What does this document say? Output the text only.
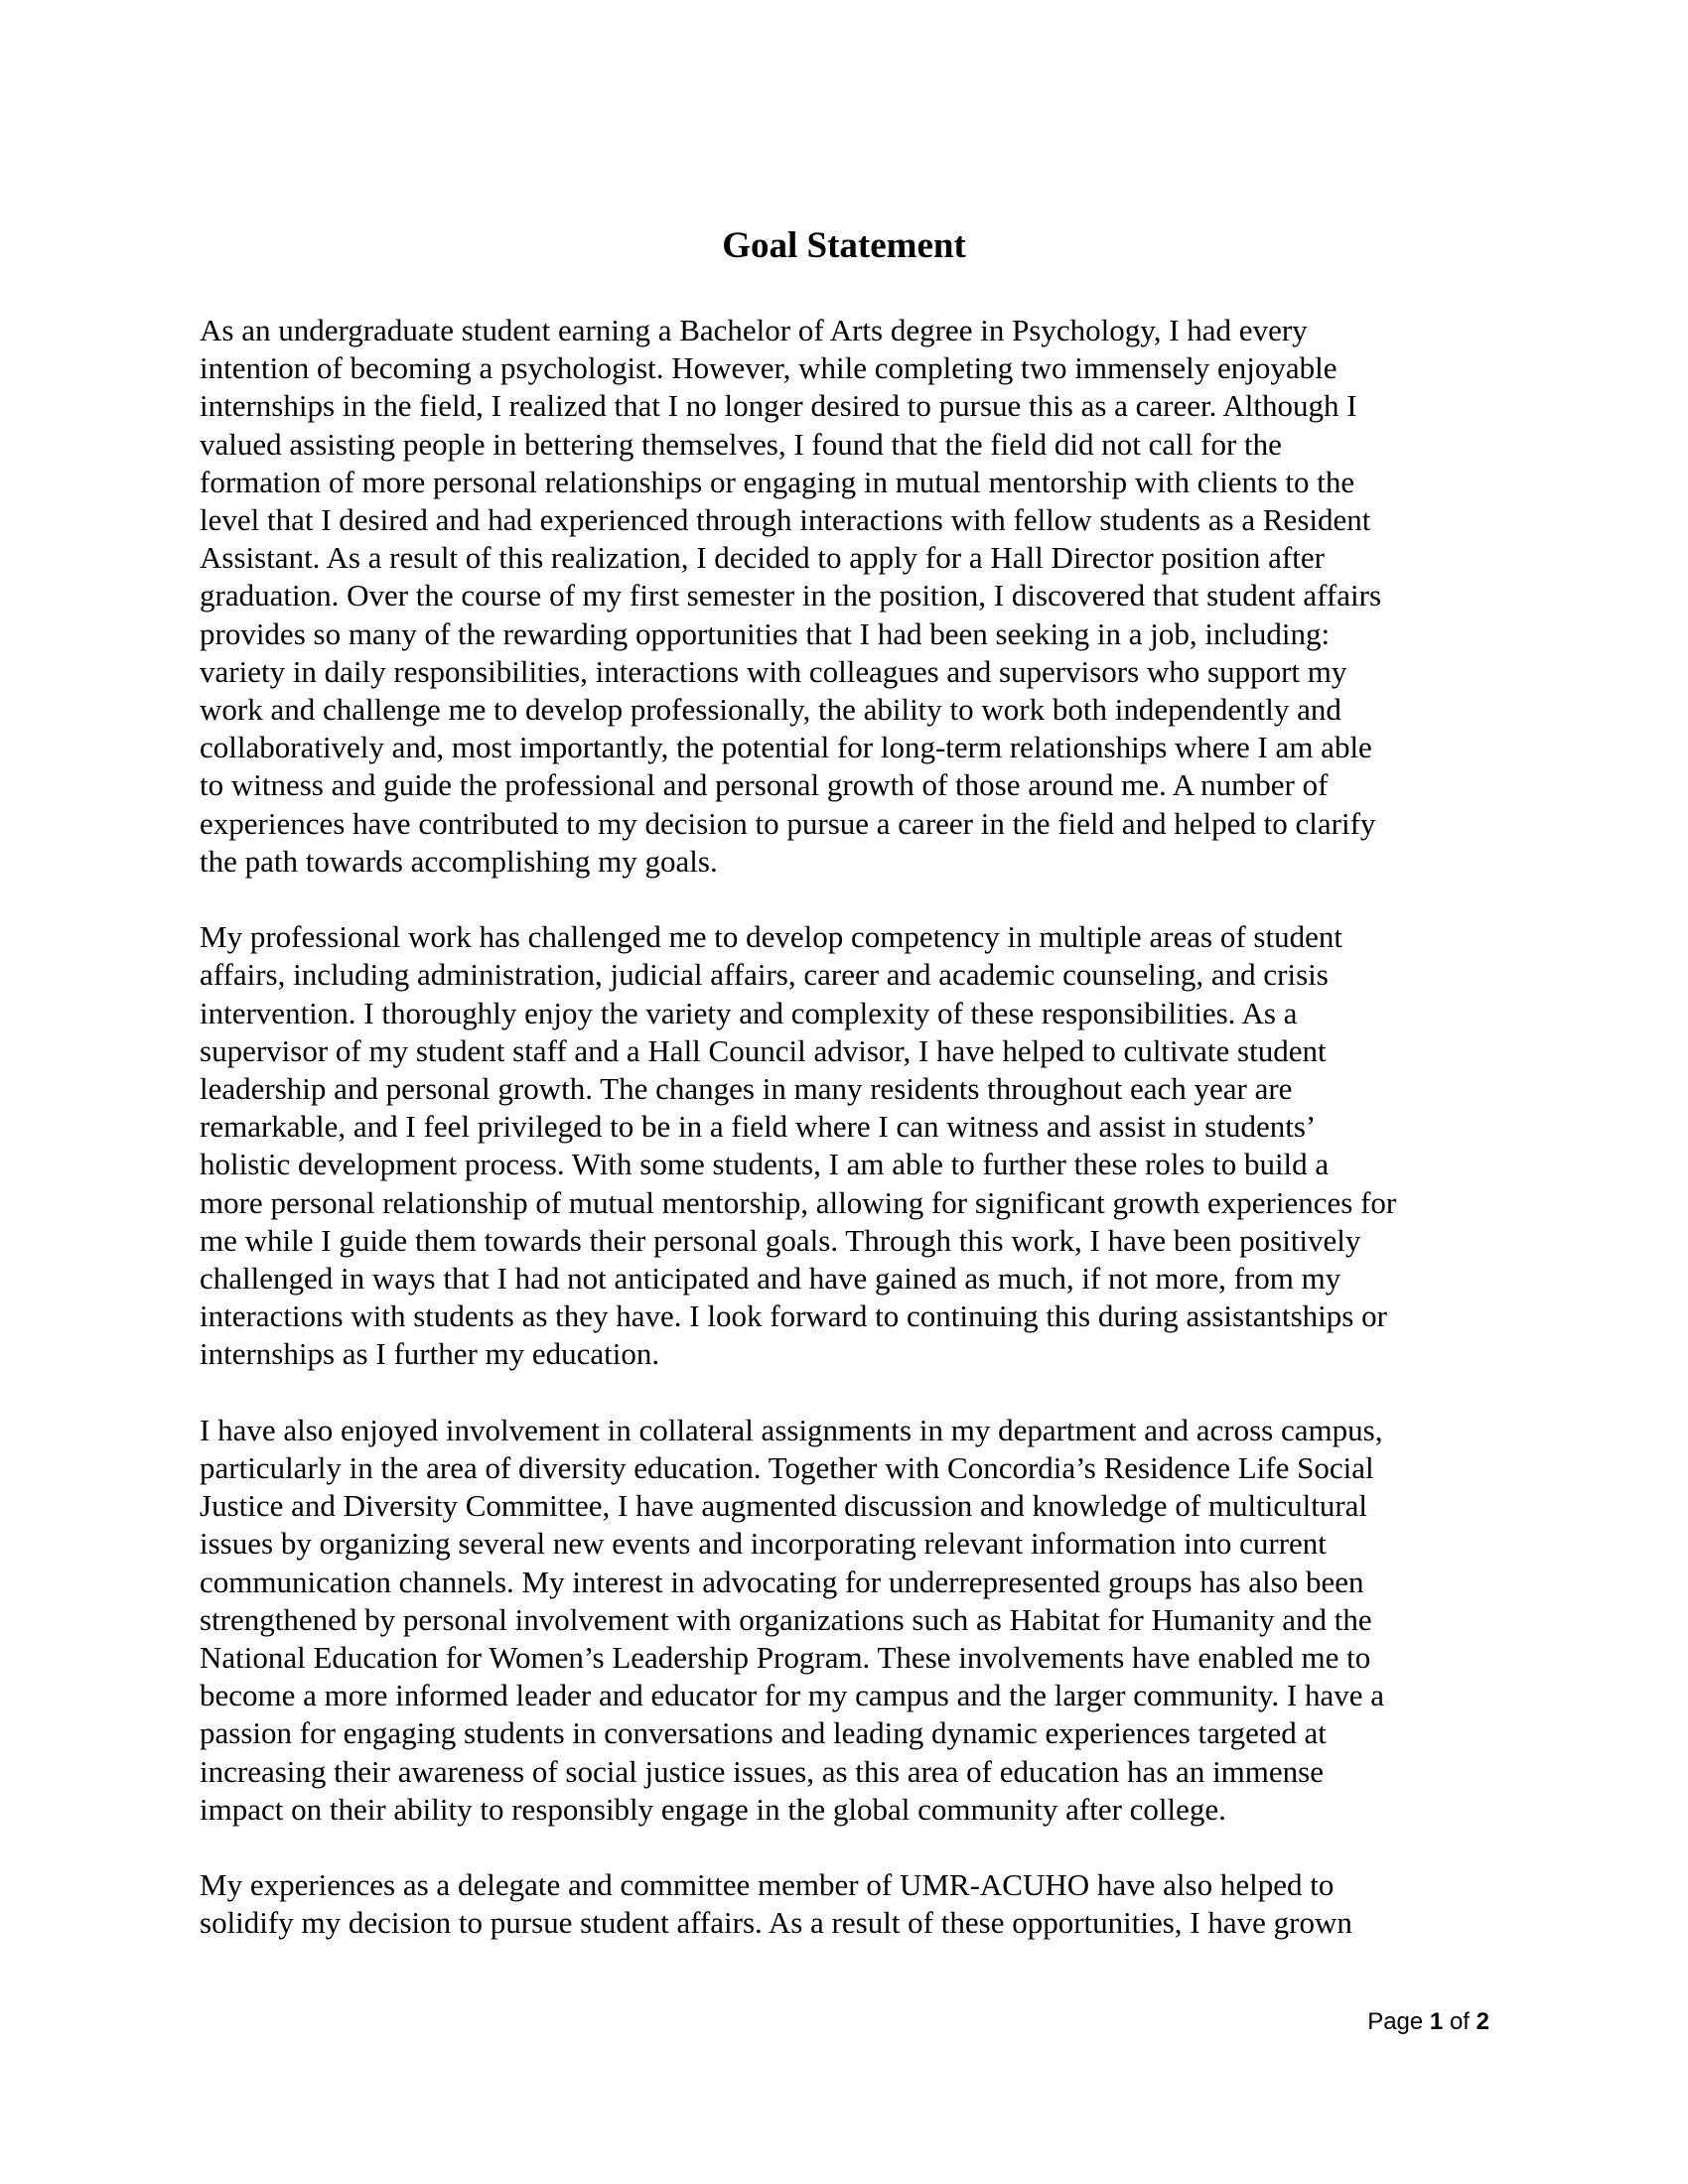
Goal Statement

As an undergraduate student earning a Bachelor of Arts degree in Psychology, I had every
intention of becoming a psychologist. However, while completing two immensely enjoyable
internships in the field, I realized that I no longer desired to pursue this as a career. Although I
valued assisting people in bettering themselves, I found that the field did not call for the
formation of more personal relationships or engaging in mutual mentorship with clients to the
level that I desired and had experienced through interactions with fellow students as a Resident
Assistant. As a result of this realization, I decided to apply for a Hall Director position after
graduation. Over the course of my first semester in the position, I discovered that student affairs
provides so many of the rewarding opportunities that I had been seeking in a job, including:
variety in daily responsibilities, interactions with colleagues and supervisors who support my
work and challenge me to develop professionally, the ability to work both independently and
collaboratively and, most importantly, the potential for long-term relationships where I am able
to witness and guide the professional and personal growth of those around me. A number of
experiences have contributed to my decision to pursue a career in the field and helped to clarify
the path towards accomplishing my goals.

My professional work has challenged me to develop competency in multiple areas of student
affairs, including administration, judicial affairs, career and academic counseling, and crisis
intervention. I thoroughly enjoy the variety and complexity of these responsibilities. As a
supervisor of my student staff and a Hall Council advisor, I have helped to cultivate student
leadership and personal growth. The changes in many residents throughout each year are
remarkable, and I feel privileged to be in a field where I can witness and assist in students’
holistic development process. With some students, I am able to further these roles to build a
more personal relationship of mutual mentorship, allowing for significant growth experiences for
me while I guide them towards their personal goals. Through this work, I have been positively
challenged in ways that I had not anticipated and have gained as much, if not more, from my
interactions with students as they have. I look forward to continuing this during assistantships or
internships as I further my education.

I have also enjoyed involvement in collateral assignments in my department and across campus,
particularly in the area of diversity education. Together with Concordia’s Residence Life Social
Justice and Diversity Committee, I have augmented discussion and knowledge of multicultural
issues by organizing several new events and incorporating relevant information into current
communication channels. My interest in advocating for underrepresented groups has also been
strengthened by personal involvement with organizations such as Habitat for Humanity and the
National Education for Women’s Leadership Program. These involvements have enabled me to
become a more informed leader and educator for my campus and the larger community. I have a
passion for engaging students in conversations and leading dynamic experiences targeted at
increasing their awareness of social justice issues, as this area of education has an immense
impact on their ability to responsibly engage in the global community after college.

My experiences as a delegate and committee member of UMR-ACUHO have also helped to
solidify my decision to pursue student affairs. As a result of these opportunities, I have grown

Page 1 of 2
